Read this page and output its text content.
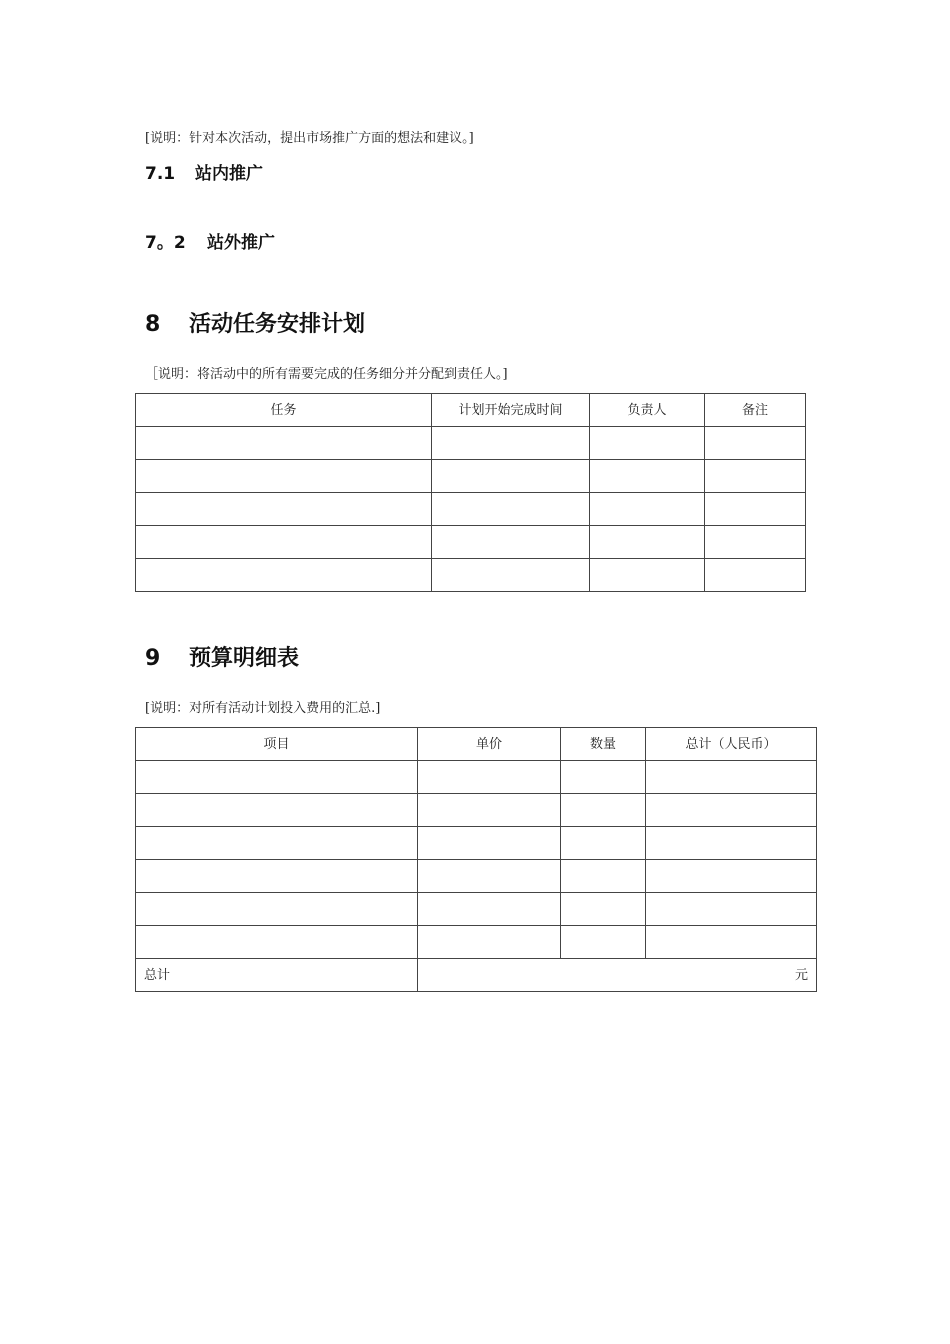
[说明：针对本次活动，提出市场推广方面的想法和建议。]
7.1 站内推广
7。2 站外推广
8 活动任务安排计划
［说明：将活动中的所有需要完成的任务细分并分配到责任人。]
任务	计划开始完成时间	负责人	备注

9 预算明细表
[说明：对所有活动计划投入费用的汇总.]
项目	单价	数量	总计（人民币）

总计	元		
